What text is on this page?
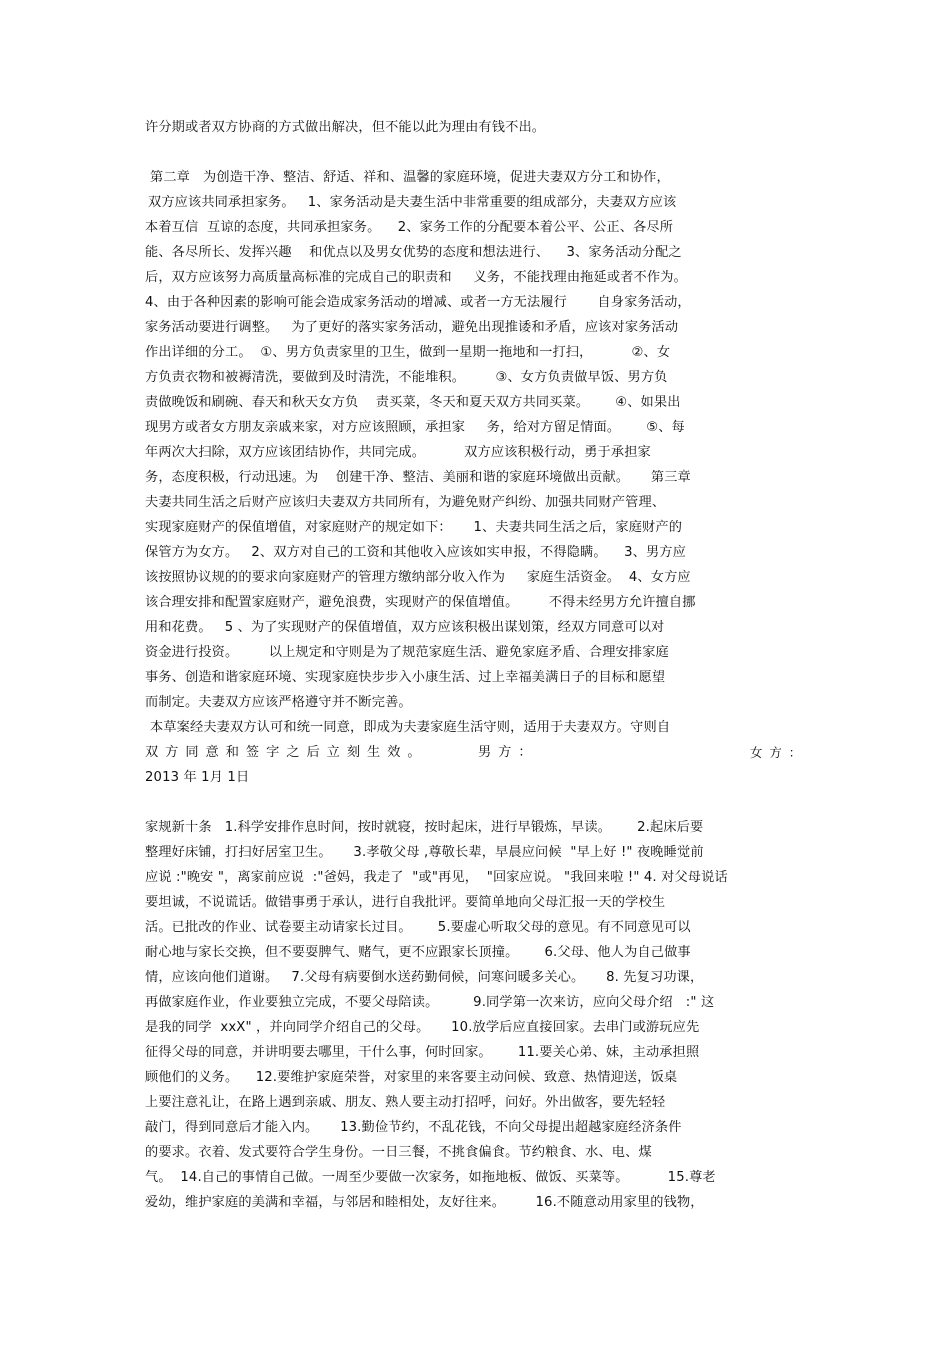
许分期或者双方协商的方式做出解决，但不能以此为理由有钱不出。
第二章   为创造干净、整洁、舒适、祥和、温馨的家庭环境，促进夫妻双方分工和协作，
双方应该共同承担家务。   1、家务活动是夫妻生活中非常重要的组成部分，夫妻双方应该
本着互信  互谅的态度，共同承担家务。    2、家务工作的分配要本着公平、公正、各尽所
能、各尽所长、发挥兴趣    和优点以及男女优势的态度和想法进行、    3、家务活动分配之
后，双方应该努力高质量高标准的完成自己的职责和     义务，不能找理由拖延或者不作为。
4、由于各种因素的影响可能会造成家务活动的增减、或者一方无法履行       自身家务活动，
家务活动要进行调整。   为了更好的落实家务活动，避免出现推诿和矛盾，应该对家务活动
作出详细的分工。  ①、男方负责家里的卫生，做到一星期一拖地和一打扫，         ②、女
方负责衣物和被褥清洗，要做到及时清洗，不能堆积。       ③、女方负责做早饭、男方负
责做晚饭和刷碗、春天和秋天女方负    责买菜，冬天和夏天双方共同买菜。      ④、如果出
现男方或者女方朋友亲戚来家，对方应该照顾，承担家     务，给对方留足情面。      ⑤、每
年两次大扫除，双方应该团结协作，共同完成。         双方应该积极行动，勇于承担家
务，态度积极，行动迅速。为    创建干净、整洁、美丽和谐的家庭环境做出贡献。     第三章
夫妻共同生活之后财产应该归夫妻双方共同所有，为避免财产纠纷、加强共同财产管理、
实现家庭财产的保值增值，对家庭财产的规定如下：     1、夫妻共同生活之后，家庭财产的
保管方为女方。   2、双方对自己的工资和其他收入应该如实申报，不得隐瞒。    3、男方应
该按照协议规的的要求向家庭财产的管理方缴纳部分收入作为     家庭生活资金。  4、女方应
该合理安排和配置家庭财产，避免浪费，实现财产的保值增值。       不得未经男方允许擅自挪
用和花费。   5 、为了实现财产的保值增值，双方应该积极出谋划策，经双方同意可以对
资金进行投资。       以上规定和守则是为了规范家庭生活、避免家庭矛盾、合理安排家庭
事务、创造和谐家庭环境、实现家庭快步步入小康生活、过上幸福美满日子的目标和愿望
而制定。夫妻双方应该严格遵守并不断完善。
本草案经夫妻双方认可和统一同意，即成为夫妻家庭生活守则，适用于夫妻双方。守则自
双方同意和签字之后立刻生效。	男方：	女方：
2013 年 1月 1日
家规新十条   1.科学安排作息时间，按时就寝，按时起床，进行早锻炼，早读。      2.起床后要
整理好床铺，打扫好居室卫生。     3.孝敬父母 ,尊敬长辈，早晨应问候  "早上好 !" 夜晚睡觉前
应说 :"晚安 "，离家前应说  :"爸妈，我走了  "或"再见，  "回家应说。 "我回来啦 !" 4. 对父母说话
要坦诚，不说谎话。做错事勇于承认，进行自我批评。要简单地向父母汇报一天的学校生
活。已批改的作业、试卷要主动请家长过目。      5.要虚心听取父母的意见。有不同意见可以
耐心地与家长交换，但不要耍脾气、赌气，更不应跟家长顶撞。      6.父母、他人为自己做事
情，应该向他们道谢。   7.父母有病要倒水送药勤伺候，问寒问暖多关心。     8. 先复习功课，
再做家庭作业，作业要独立完成，不要父母陪读。        9.同学第一次来访，应向父母介绍   :" 这
是我的同学  xxX" ，并向同学介绍自己的父母。     10.放学后应直接回家。去串门或游玩应先
征得父母的同意，并讲明要去哪里，干什么事，何时回家。      11.要关心弟、妹，主动承担照
顾他们的义务。    12.要维护家庭荣誉，对家里的来客要主动问候、致意、热情迎送，饭桌
上要注意礼让，在路上遇到亲戚、朋友、熟人要主动打招呼，问好。外出做客，要先轻轻
敲门，得到同意后才能入内。     13.勤俭节约，不乱花钱，不向父母提出超越家庭经济条件
的要求。衣着、发式要符合学生身份。一日三餐，不挑食偏食。节约粮食、水、电、煤
气。  14.自己的事情自己做。一周至少要做一次家务，如拖地板、做饭、买菜等。         15.尊老
爱幼，维护家庭的美满和幸福，与邻居和睦相处，友好往来。       16.不随意动用家里的钱物，
